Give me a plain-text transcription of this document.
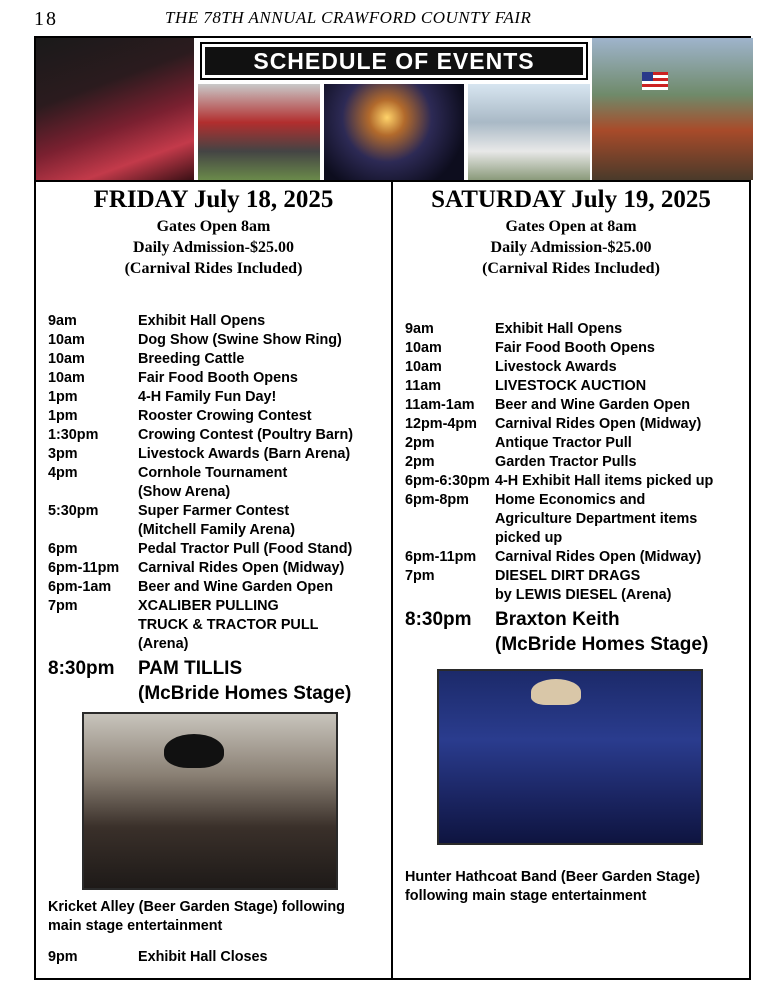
18	THE 78TH ANNUAL CRAWFORD COUNTY FAIR
SCHEDULE OF EVENTS
FRIDAY July 18, 2025
Gates Open 8am
Daily Admission-$25.00
(Carnival Rides Included)
9am	Exhibit Hall Opens
10am	Dog Show (Swine Show Ring)
10am	Breeding Cattle
10am	Fair Food Booth Opens
1pm	4-H Family Fun Day!
1pm	Rooster Crowing Contest
1:30pm	Crowing Contest (Poultry Barn)
3pm	Livestock Awards (Barn Arena)
4pm	Cornhole Tournament
(Show Arena)
5:30pm	Super Farmer Contest
(Mitchell Family Arena)
6pm	Pedal Tractor Pull (Food Stand)
6pm-11pm Carnival Rides Open (Midway)
6pm-1am Beer and Wine Garden Open
7pm	XCALIBER PULLING
TRUCK & TRACTOR PULL
(Arena)
8:30pm PAM TILLIS
(McBride Homes Stage)
Kricket Alley (Beer Garden Stage) following
main stage entertainment
9pm	Exhibit Hall Closes
SATURDAY July 19, 2025
Gates Open at 8am
Daily Admission-$25.00
(Carnival Rides Included)
9am	Exhibit Hall Opens
10am	Fair Food Booth Opens
10am	Livestock Awards
11am	LIVESTOCK AUCTION
11am-1am Beer and Wine Garden Open
12pm-4pm Carnival Rides Open (Midway)
2pm	Antique Tractor Pull
2pm	Garden Tractor Pulls
6pm-6:30pm 4-H Exhibit Hall items picked up
6pm-8pm Home Economics and
Agriculture Department items
picked up
6pm-11pm Carnival Rides Open (Midway)
7pm	DIESEL DIRT DRAGS
by LEWIS DIESEL (Arena)
8:30pm Braxton Keith
(McBride Homes Stage)
Hunter Hathcoat Band (Beer Garden Stage)
following main stage entertainment
